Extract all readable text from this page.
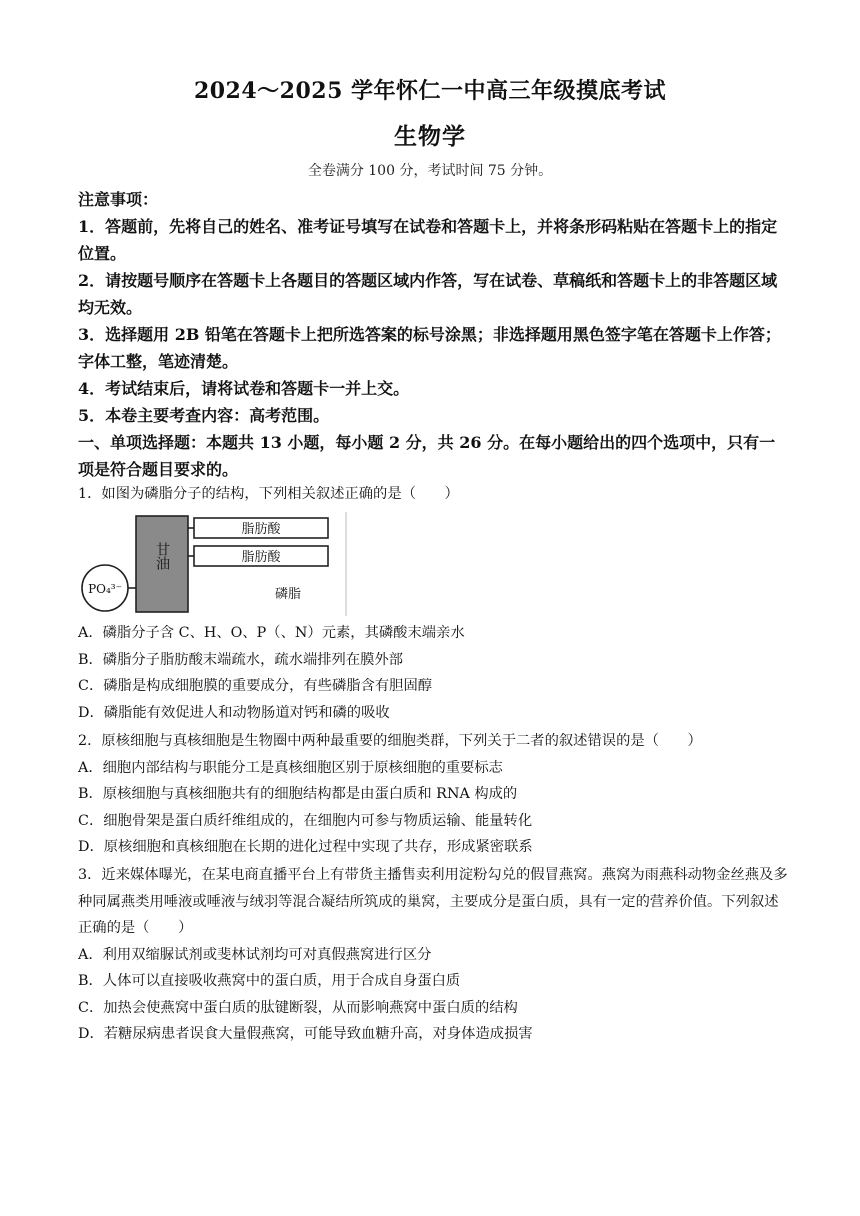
2024～2025 学年怀仁一中高三年级摸底考试
生物学
全卷满分 100 分，考试时间 75 分钟。

注意事项：

1．答题前，先将自己的姓名、准考证号填写在试卷和答题卡上，并将条形码粘贴在答题卡上的指定位置。

2．请按题号顺序在答题卡上各题目的答题区域内作答，写在试卷、草稿纸和答题卡上的非答题区域均无效。

3．选择题用 2B 铅笔在答题卡上把所选答案的标号涂黑；非选择题用黑色签字笔在答题卡上作答；字体工整，笔迹清楚。

4．考试结束后，请将试卷和答题卡一并上交。

5．本卷主要考查内容：高考范围。

一、单项选择题：本题共 13 小题，每小题 2 分，共 26 分。在每小题给出的四个选项中，只有一项是符合题目要求的。

1．如图为磷脂分子的结构，下列相关叙述正确的是（　　）

甘油
脂肪酸
脂肪酸
PO₄³⁻	磷脂

A．磷脂分子含 C、H、O、P（、N）元素，其磷酸末端亲水

B．磷脂分子脂肪酸末端疏水，疏水端排列在膜外部

C．磷脂是构成细胞膜的重要成分，有些磷脂含有胆固醇

D．磷脂能有效促进人和动物肠道对钙和磷的吸收

2．原核细胞与真核细胞是生物圈中两种最重要的细胞类群，下列关于二者的叙述错误的是（　　）

A．细胞内部结构与职能分工是真核细胞区别于原核细胞的重要标志

B．原核细胞与真核细胞共有的细胞结构都是由蛋白质和 RNA 构成的

C．细胞骨架是蛋白质纤维组成的，在细胞内可参与物质运输、能量转化

D．原核细胞和真核细胞在长期的进化过程中实现了共存，形成紧密联系

3．近来媒体曝光，在某电商直播平台上有带货主播售卖利用淀粉勾兑的假冒燕窝。燕窝为雨燕科动物金丝燕及多种同属燕类用唾液或唾液与绒羽等混合凝结所筑成的巢窝，主要成分是蛋白质，具有一定的营养价值。下列叙述正确的是（　　）

A．利用双缩脲试剂或斐林试剂均可对真假燕窝进行区分

B．人体可以直接吸收燕窝中的蛋白质，用于合成自身蛋白质

C．加热会使燕窝中蛋白质的肽键断裂，从而影响燕窝中蛋白质的结构

D．若糖尿病患者误食大量假燕窝，可能导致血糖升高，对身体造成损害
